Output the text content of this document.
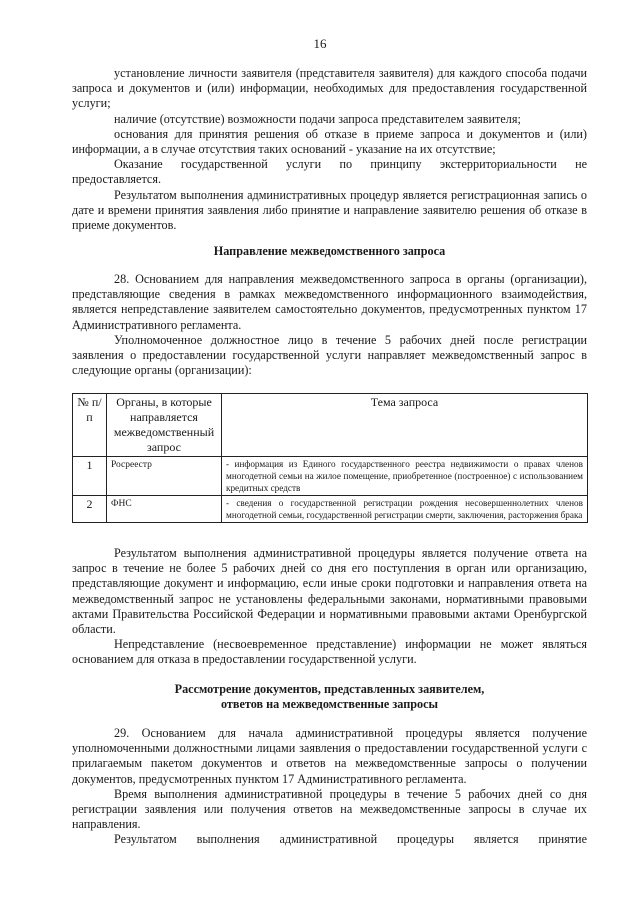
16

установление личности заявителя (представителя заявителя) для каждого способа подачи запроса и документов и (или) информации, необходимых для предоставления государственной услуги;

наличие (отсутствие) возможности подачи запроса представителем заявителя;

основания для принятия решения об отказе в приеме запроса и документов и (или) информации, а в случае отсутствия таких оснований - указание на их отсутствие;

Оказание государственной услуги по принципу экстерриториальности не предоставляется.

Результатом выполнения административных процедур является регистрационная запись о дате и времени принятия заявления либо принятие и направление заявителю решения об отказе в приеме документов.

Направление межведомственного запроса

28. Основанием для направления межведомственного запроса в органы (организации), представляющие сведения в рамках межведомственного информационного взаимодействия, является непредставление заявителем самостоятельно документов, предусмотренных пунктом 17 Административного регламента.

Уполномоченное должностное лицо в течение 5 рабочих дней после регистрации заявления о предоставлении государственной услуги направляет межведомственный запрос в следующие органы (организации):

№ п/п	Органы, в которые направляется межведомственный запрос	Тема запроса
1	Росреестр	- информация из Единого государственного реестра недвижимости о правах членов многодетной семьи на жилое помещение, приобретенное (построенное) с использованием кредитных средств
2	ФНС	- сведения о государственной регистрации рождения несовершеннолетних членов многодетной семьи, государственной регистрации смерти, заключения, расторжения брака

Результатом выполнения административной процедуры является получение ответа на запрос в течение не более 5 рабочих дней со дня его поступления в орган или организацию, представляющие документ и информацию, если иные сроки подготовки и направления ответа на межведомственный запрос не установлены федеральными законами, нормативными правовыми актами Правительства Российской Федерации и нормативными правовыми актами Оренбургской области.

Непредставление (несвоевременное представление) информации не может являться основанием для отказа в предоставлении государственной услуги.

Рассмотрение документов, представленных заявителем,
ответов на межведомственные запросы

29. Основанием для начала административной процедуры является получение уполномоченными должностными лицами заявления о предоставлении государственной услуги с прилагаемым пакетом документов и ответов на межведомственные запросы о получении документов, предусмотренных пунктом 17 Административного регламента.

Время выполнения административной процедуры в течение 5 рабочих дней со дня регистрации заявления или получения ответов на межведомственные запросы в случае их направления.

Результатом выполнения административной процедуры является принятие
